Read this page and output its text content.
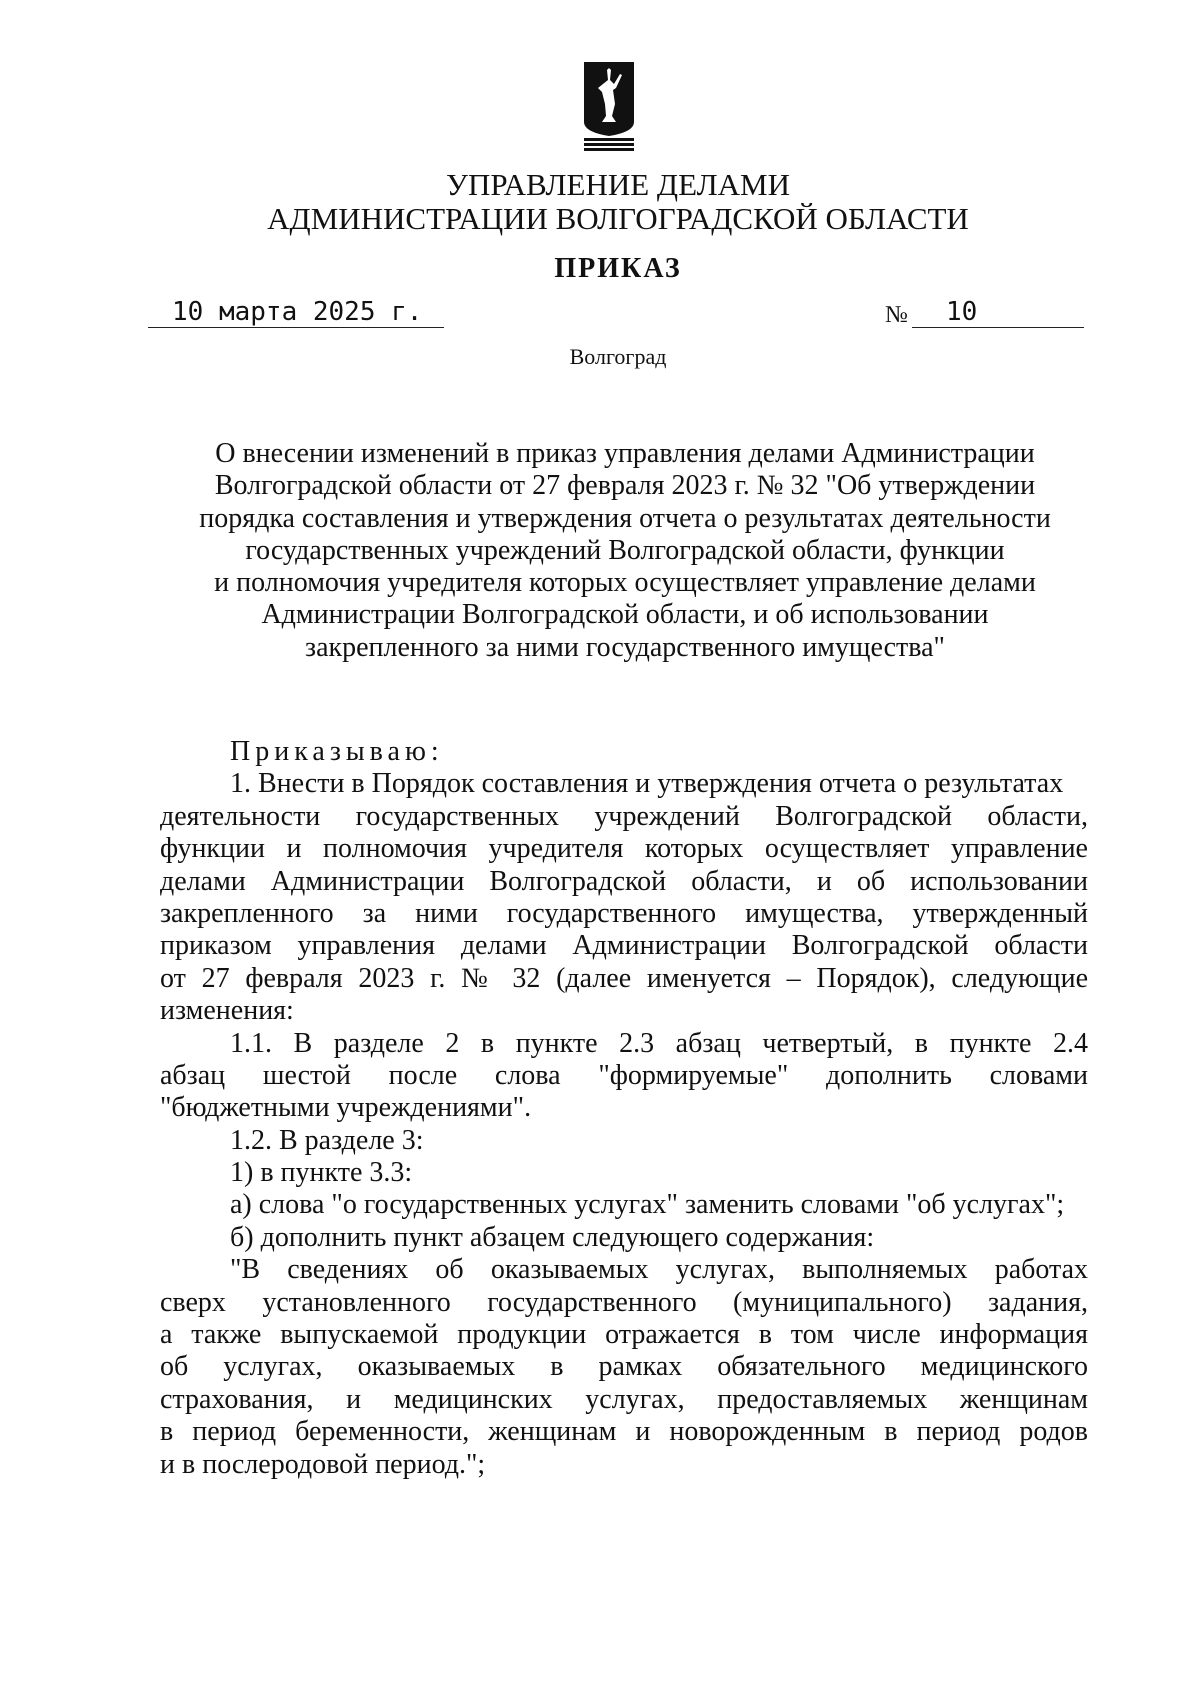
УПРАВЛЕНИЕ ДЕЛАМИ
АДМИНИСТРАЦИИ ВОЛГОГРАДСКОЙ ОБЛАСТИ
ПРИКАЗ
10 марта 2025 г.	№	10
Волгоград
О внесении изменений в приказ управления делами Администрации
Волгоградской области от 27 февраля 2023 г. № 32 "Об утверждении
порядка составления и утверждения отчета о результатах деятельности
государственных учреждений Волгоградской области, функции
и полномочия учредителя которых осуществляет управление делами
Администрации Волгоградской области, и об использовании
закрепленного за ними государственного имущества"
Приказываю:
1. Внести в Порядок составления и утверждения отчета о результатах
деятельности государственных учреждений Волгоградской области,
функции и полномочия учредителя которых осуществляет управление
делами Администрации Волгоградской области, и об использовании
закрепленного за ними государственного имущества, утвержденный
приказом управления делами Администрации Волгоградской области
от 27 февраля 2023 г. № 32 (далее именуется – Порядок), следующие
изменения:
1.1. В разделе 2 в пункте 2.3 абзац четвертый, в пункте 2.4
абзац шестой после слова "формируемые" дополнить словами
"бюджетными учреждениями".
1.2. В разделе 3:
1) в пункте 3.3:
а) слова "о государственных услугах" заменить словами "об услугах";
б) дополнить пункт абзацем следующего содержания:
"В сведениях об оказываемых услугах, выполняемых работах
сверх установленного государственного (муниципального) задания,
а также выпускаемой продукции отражается в том числе информация
об услугах, оказываемых в рамках обязательного медицинского
страхования, и медицинских услугах, предоставляемых женщинам
в период беременности, женщинам и новорожденным в период родов
и в послеродовой период.";
